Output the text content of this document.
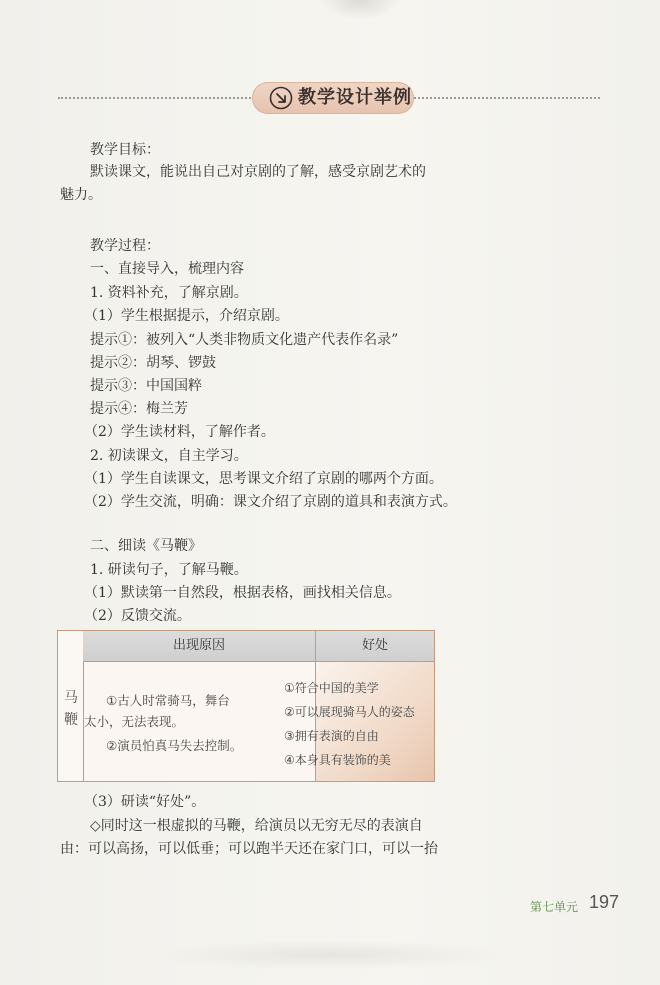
教学设计举例
教学目标：
默读课文，能说出自己对京剧的了解，感受京剧艺术的
魅力。
教学过程：
一、直接导入，梳理内容
1. 资料补充，了解京剧。
（1）学生根据提示，介绍京剧。
提示①：被列入“人类非物质文化遗产代表作名录”
提示②：胡琴、锣鼓
提示③：中国国粹
提示④：梅兰芳
（2）学生读材料，了解作者。
2. 初读课文，自主学习。
（1）学生自读课文，思考课文介绍了京剧的哪两个方面。
（2）学生交流，明确：课文介绍了京剧的道具和表演方式。
二、细读《马鞭》
1. 研读句子，了解马鞭。
（1）默读第一自然段，根据表格，画找相关信息。
（2）反馈交流。
马鞭
出现原因	好处
①古人时常骑马，舞台
太小，无法表现。
②演员怕真马失去控制。
①符合中国的美学
②可以展现骑马人的姿态
③拥有表演的自由
④本身具有装饰的美
（3）研读“好处”。
◇同时这一根虚拟的马鞭，给演员以无穷无尽的表演自
由：可以高扬，可以低垂；可以跑半天还在家门口，可以一抬
第七单元 197
